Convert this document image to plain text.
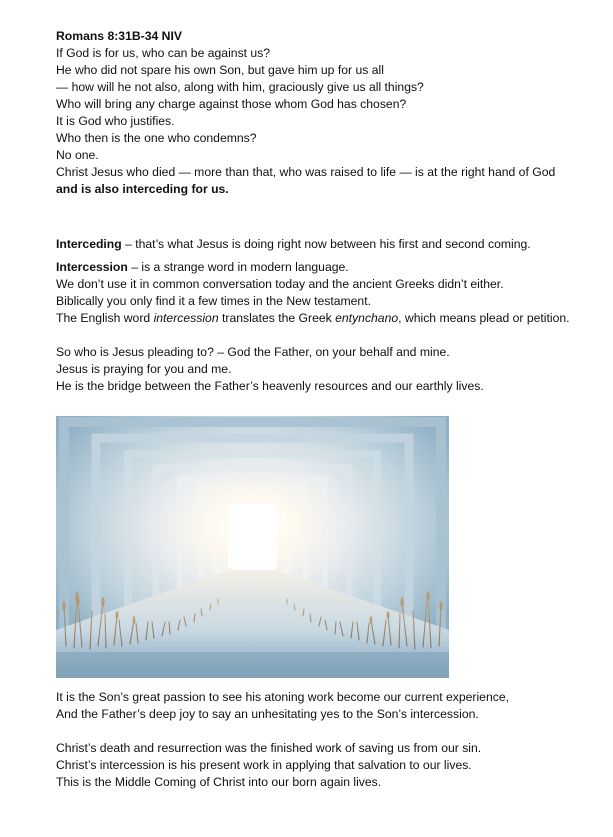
Romans 8:31B-34 NIV

If God is for us, who can be against us?

He who did not spare his own Son, but gave him up for us all

— how will he not also, along with him, graciously give us all things?

Who will bring any charge against those whom God has chosen?

It is God who justifies.

Who then is the one who condemns?

No one.

Christ Jesus who died — more than that, who was raised to life — is at the right hand of God

and is also interceding for us.

Interceding – that’s what Jesus is doing right now between his first and second coming.

Intercession – is a strange word in modern language.

We don’t use it in common conversation today and the ancient Greeks didn’t either.

Biblically you only find it a few times in the New testament.

The English word intercession translates the Greek entynchano, which means plead or petition.

So who is Jesus pleading to? – God the Father, on your behalf and mine.

Jesus is praying for you and me.

He is the bridge between the Father’s heavenly resources and our earthly lives.

It is the Son’s great passion to see his atoning work become our current experience,

And the Father’s deep joy to say an unhesitating yes to the Son’s intercession.

Christ’s death and resurrection was the finished work of saving us from our sin.

Christ’s intercession is his present work in applying that salvation to our lives.

This is the Middle Coming of Christ into our born again lives.
